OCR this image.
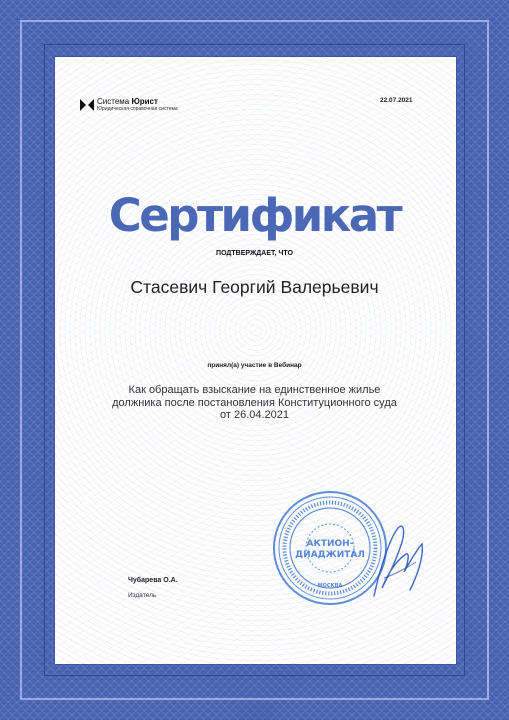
Система Юрист
Юридическая справочная система
22.07.2021
Сертификат
ПОДТВЕРЖДАЕТ, ЧТО
Стасевич Георгий Валерьевич
принял(а) участие в Вебинар
Как обращать взыскание на единственное жилье
должника после постановления Конституционного суда
от 26.04.2021
Чубарева О.А.
Издатель
АКТИОН-
ДИАДЖИТАЛ
МОСКВА
